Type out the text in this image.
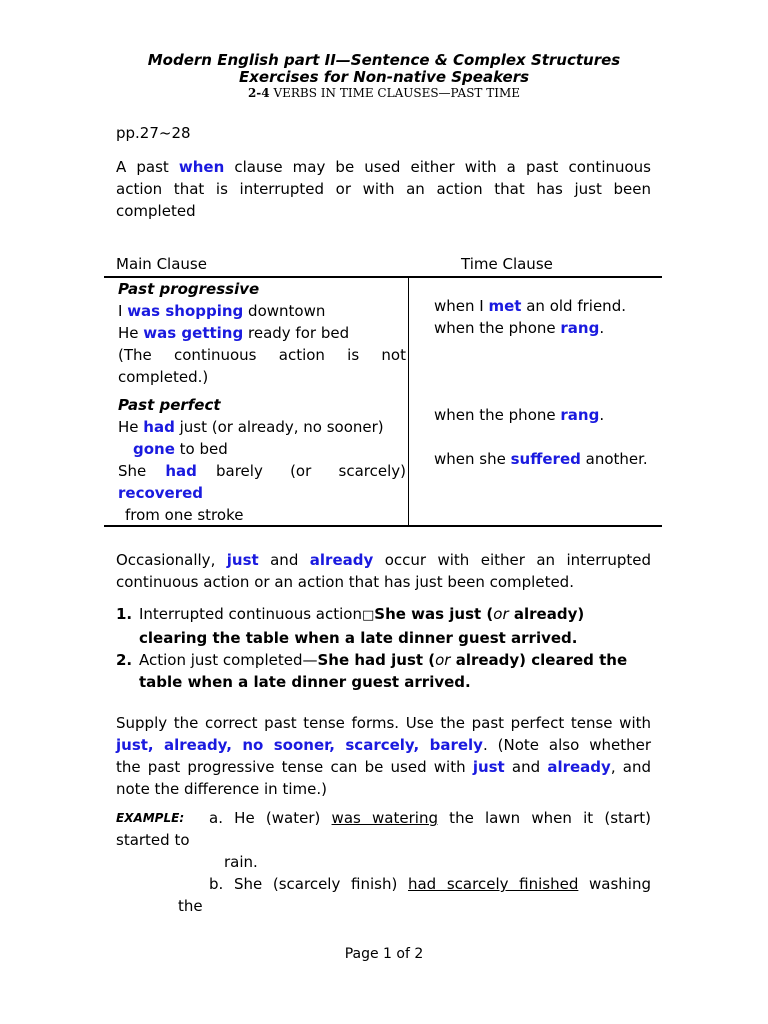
Modern English part II—Sentence & Complex Structures
Exercises for Non-native Speakers
2-4 VERBS IN TIME CLAUSES—PAST TIME
pp.27~28
A past when clause may be used either with a past continuous
action that is interrupted or with an action that has just been
completed
Main Clause	Time Clause
Past progressive
I was shopping downtown
He was getting ready for bed
(The continuous action is not
completed.)
when I met an old friend.
when the phone rang.
Past perfect
He had just (or already, no sooner)
gone to bed
She had barely (or scarcely)
recovered
from one stroke
when the phone rang.
when she suffered another.
Occasionally, just and already occur with either an interrupted
continuous action or an action that has just been completed.
1. Interrupted continuous action□She was just (or already)
clearing the table when a late dinner guest arrived.
2. Action just completed—She had just (or already) cleared the
table when a late dinner guest arrived.
Supply the correct past tense forms. Use the past perfect tense with
just, already, no sooner, scarcely, barely. (Note also whether
the past progressive tense can be used with just and already, and
note the difference in time.)
EXAMPLE:	a. He (water) was watering the lawn when it (start)
started to
rain.
b. She (scarcely finish) had scarcely finished washing
the
Page 1 of 2
